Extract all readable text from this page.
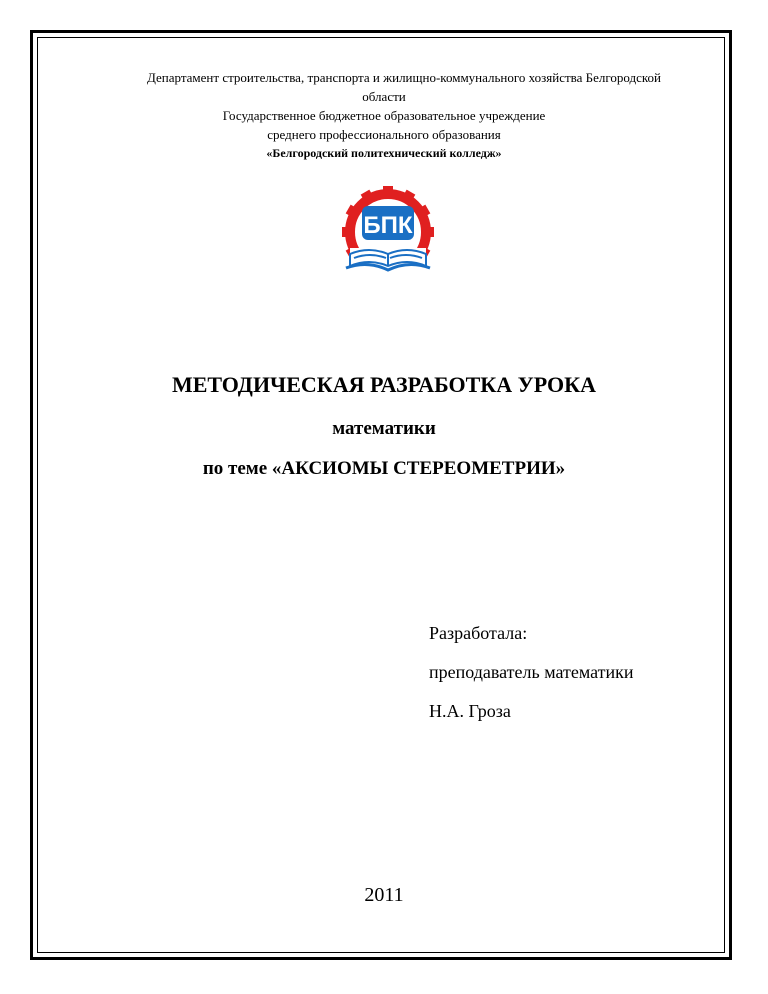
Департамент строительства, транспорта и жилищно-коммунального хозяйства Белгородской
области
Государственное бюджетное образовательное учреждение
среднего профессионального образования
«Белгородский политехнический колледж»
БПК
МЕТОДИЧЕСКАЯ РАЗРАБОТКА УРОКА
математики
по теме «АКСИОМЫ СТЕРЕОМЕТРИИ»
Разработала:
преподаватель математики
Н.А. Гроза
2011
